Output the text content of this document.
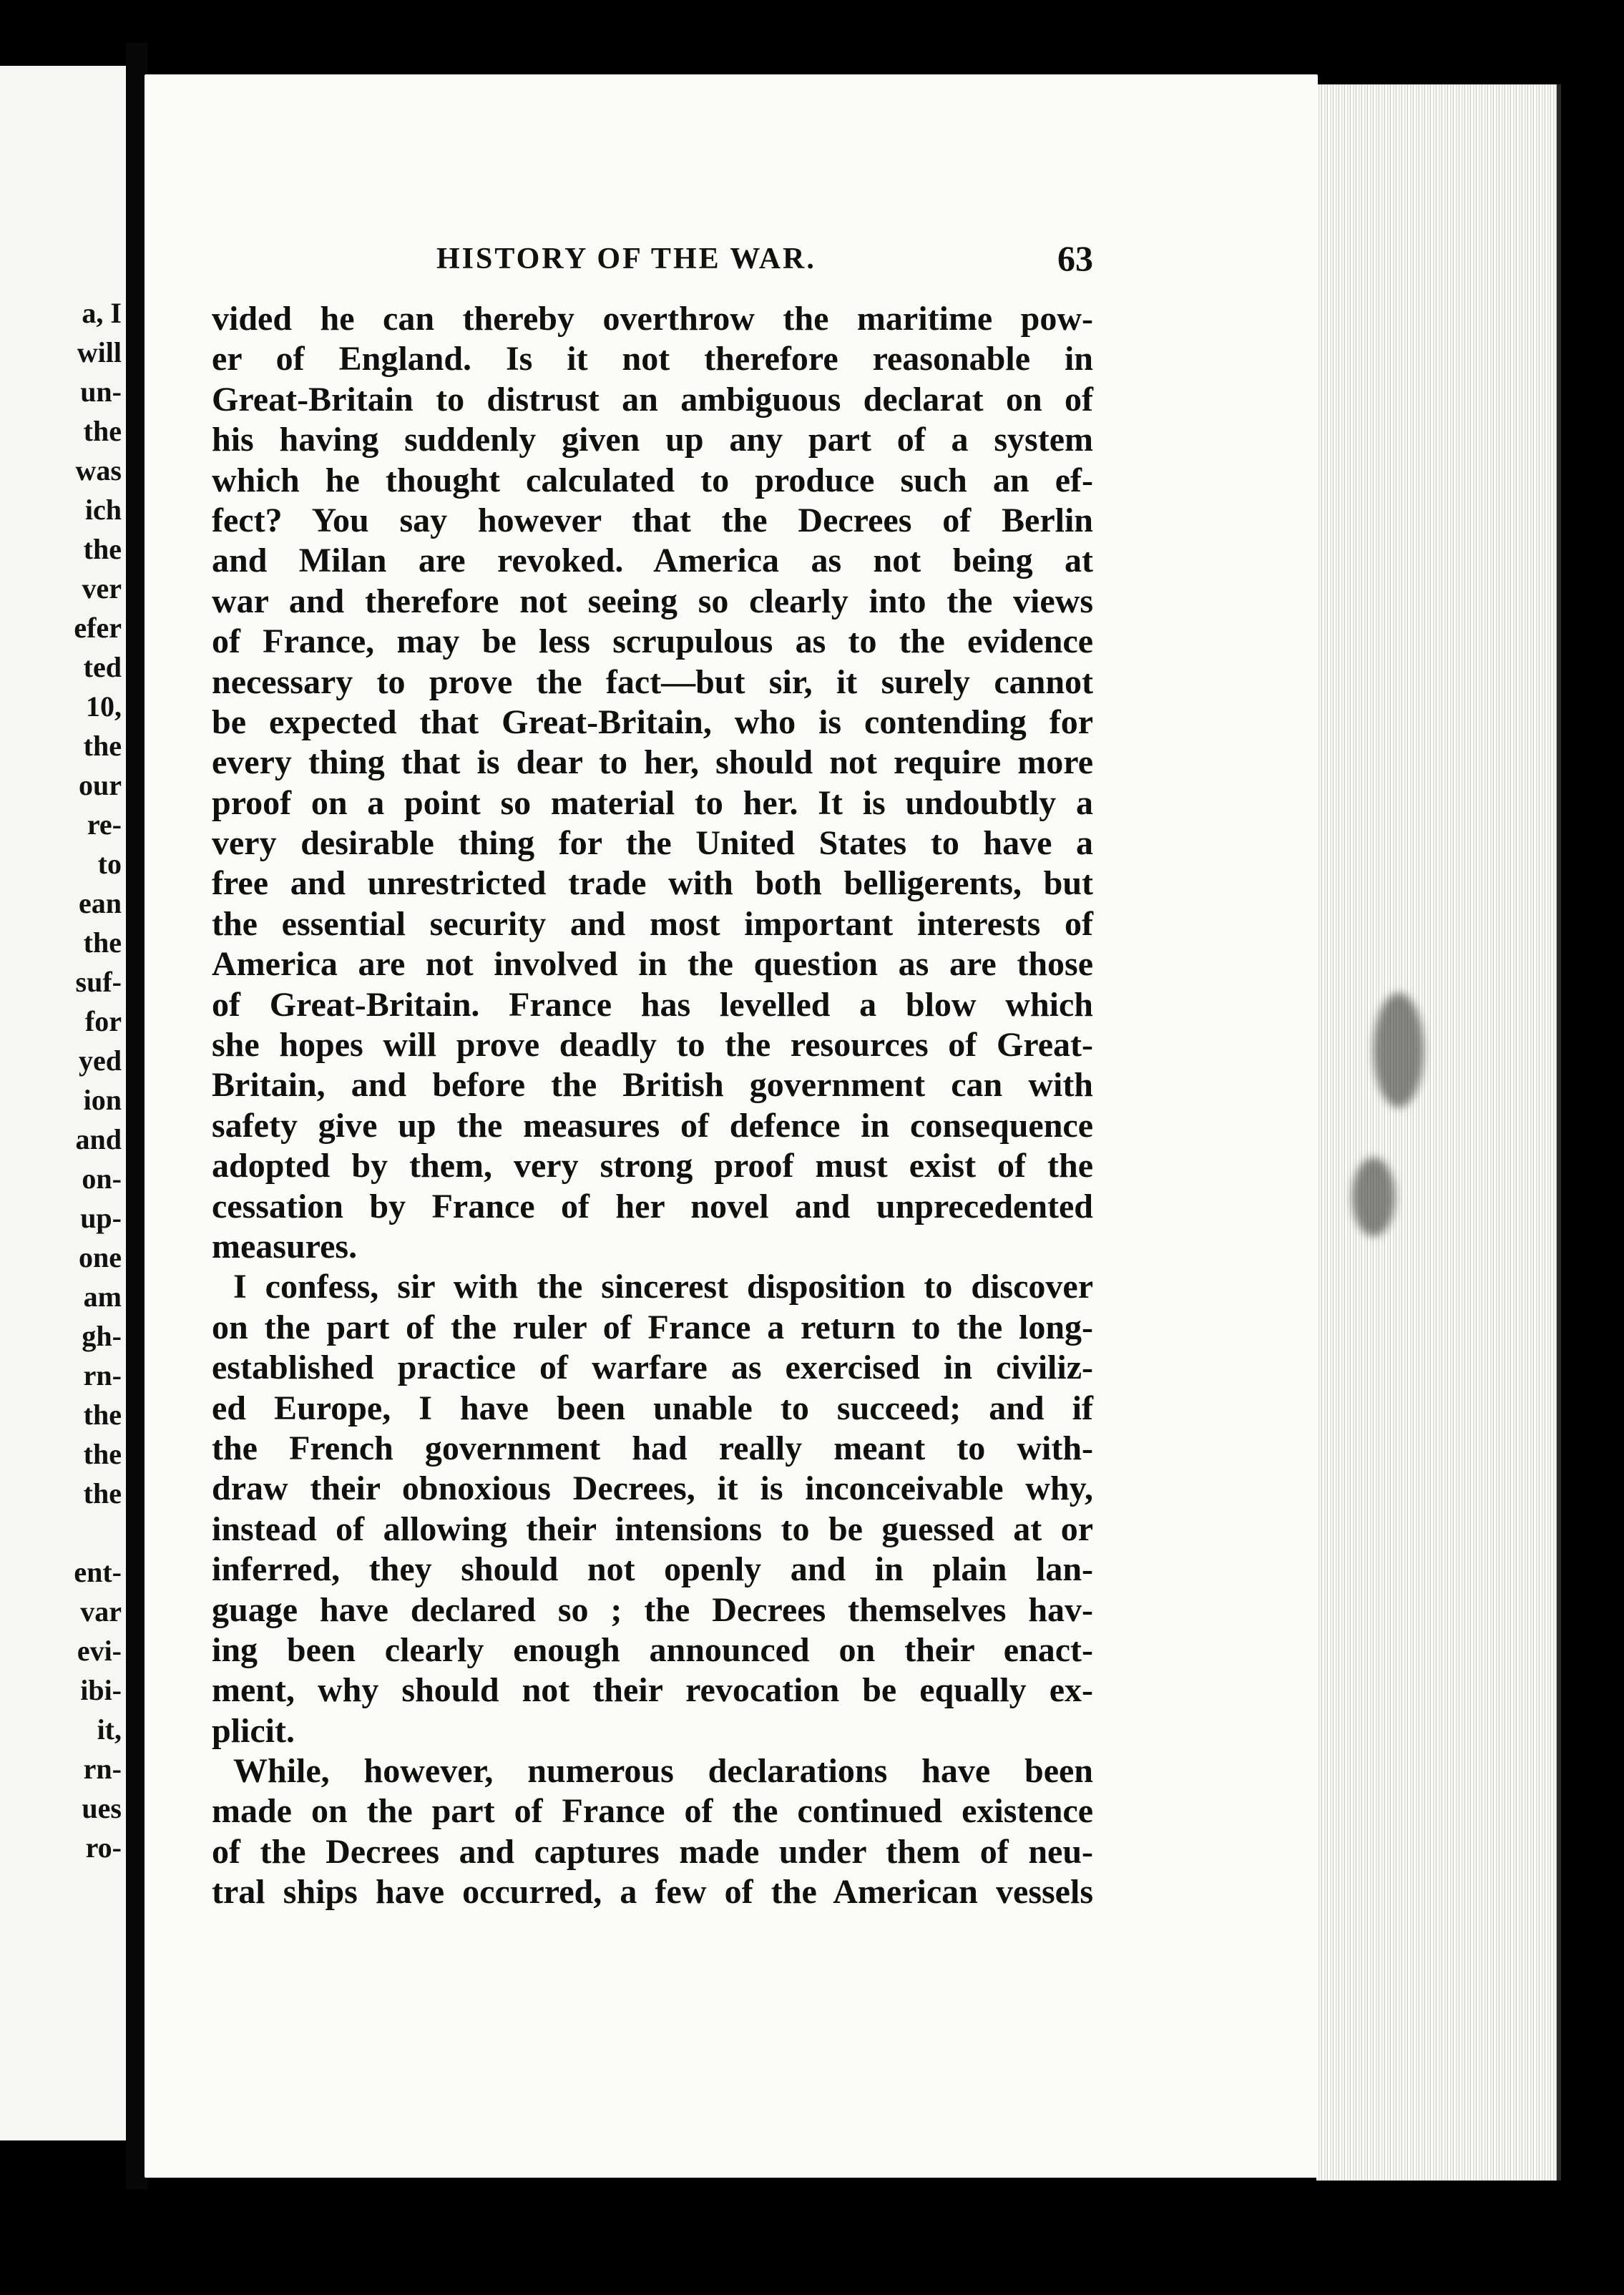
a, I
will
un-
the
was
ich
the
ver
efer
ted
10,
the
our
re-
to
ean
the
suf-
for
yed
ion
and
on-
up-
one
am
gh-
rn-
the
the
the
ent-
var
evi-
ibi-
it,
rn-
ues
ro-
HISTORY OF THE WAR.	63
vided he can thereby overthrow the maritime pow-
er of England. Is it not therefore reasonable in
Great-Britain to distrust an ambiguous declarat on of
his having suddenly given up any part of a system
which he thought calculated to produce such an ef-
fect? You say however that the Decrees of Berlin
and Milan are revoked. America as not being at
war and therefore not seeing so clearly into the views
of France, may be less scrupulous as to the evidence
necessary to prove the fact—but sir, it surely cannot
be expected that Great-Britain, who is contending for
every thing that is dear to her, should not require more
proof on a point so material to her. It is undoubtly a
very desirable thing for the United States to have a
free and unrestricted trade with both belligerents, but
the essential security and most important interests of
America are not involved in the question as are those
of Great-Britain. France has levelled a blow which
she hopes will prove deadly to the resources of Great-
Britain, and before the British government can with
safety give up the measures of defence in consequence
adopted by them, very strong proof must exist of the
cessation by France of her novel and unprecedented
measures.
I confess, sir with the sincerest disposition to discover
on the part of the ruler of France a return to the long-
established practice of warfare as exercised in civiliz-
ed Europe, I have been unable to succeed; and if
the French government had really meant to with-
draw their obnoxious Decrees, it is inconceivable why,
instead of allowing their intensions to be guessed at or
inferred, they should not openly and in plain lan-
guage have declared so ; the Decrees themselves hav-
ing been clearly enough announced on their enact-
ment, why should not their revocation be equally ex-
plicit.
While, however, numerous declarations have been
made on the part of France of the continued existence
of the Decrees and captures made under them of neu-
tral ships have occurred, a few of the American vessels
